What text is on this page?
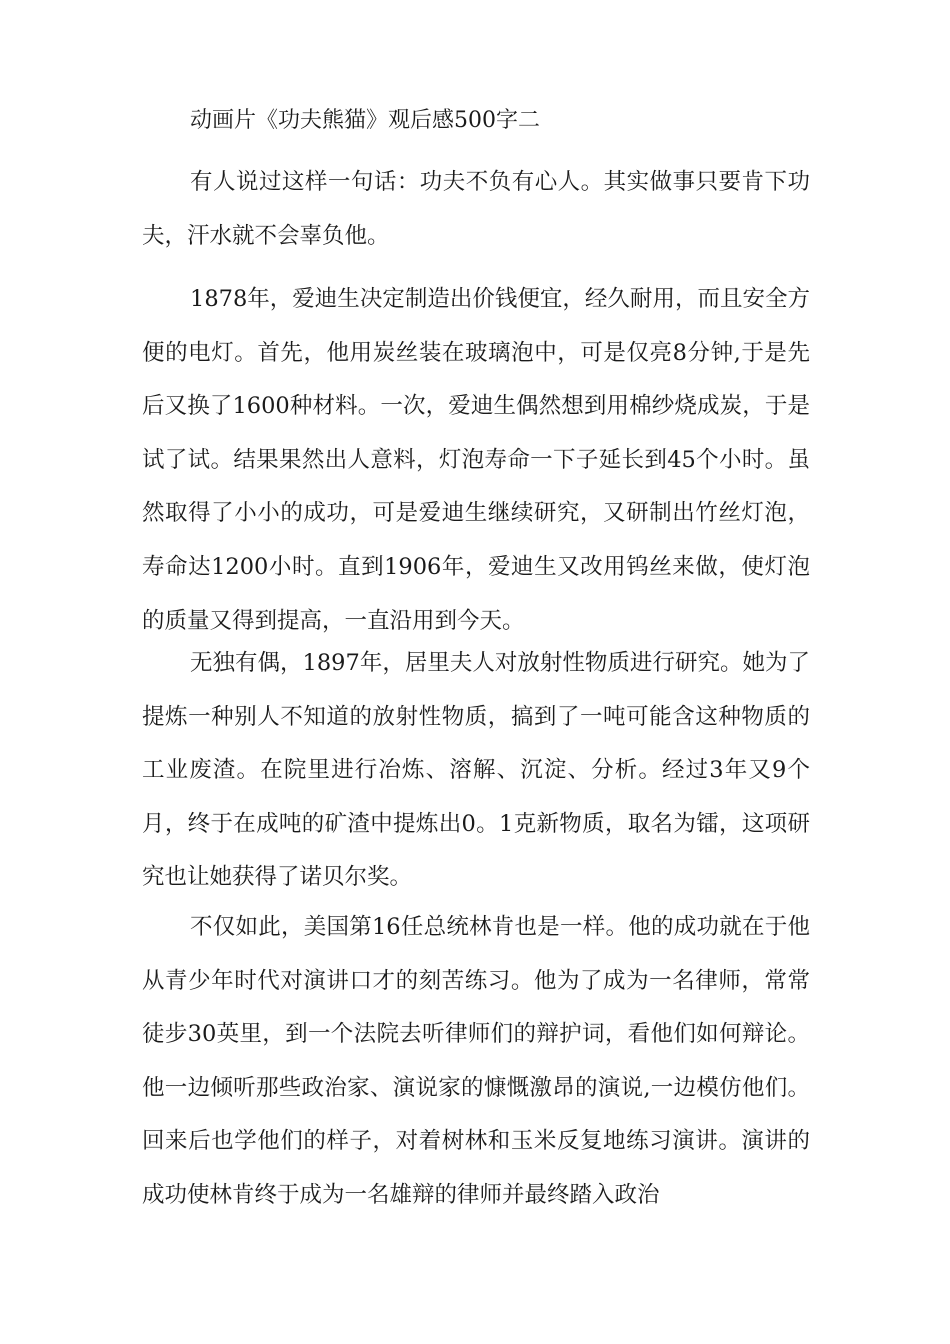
动画片《功夫熊猫》观后感500字二

有人说过这样一句话：功夫不负有心人。其实做事只要肯下功夫，汗水就不会辜负他。

1878年，爱迪生决定制造出价钱便宜，经久耐用，而且安全方便的电灯。首先，他用炭丝装在玻璃泡中，可是仅亮8分钟,于是先后又换了1600种材料。一次，爱迪生偶然想到用棉纱烧成炭，于是试了试。结果果然出人意料，灯泡寿命一下子延长到45个小时。虽然取得了小小的成功，可是爱迪生继续研究，又研制出竹丝灯泡，寿命达1200小时。直到1906年，爱迪生又改用钨丝来做，使灯泡的质量又得到提高，一直沿用到今天。

无独有偶，1897年，居里夫人对放射性物质进行研究。她为了提炼一种别人不知道的放射性物质，搞到了一吨可能含这种物质的工业废渣。在院里进行冶炼、溶解、沉淀、分析。经过3年又9个月，终于在成吨的矿渣中提炼出0。1克新物质，取名为镭，这项研究也让她获得了诺贝尔奖。

不仅如此，美国第16任总统林肯也是一样。他的成功就在于他从青少年时代对演讲口才的刻苦练习。他为了成为一名律师，常常徒步30英里，到一个法院去听律师们的辩护词，看他们如何辩论。他一边倾听那些政治家、演说家的慷慨激昂的演说,一边模仿他们。回来后也学他们的样子，对着树林和玉米反复地练习演讲。演讲的成功使林肯终于成为一名雄辩的律师并最终踏入政治
